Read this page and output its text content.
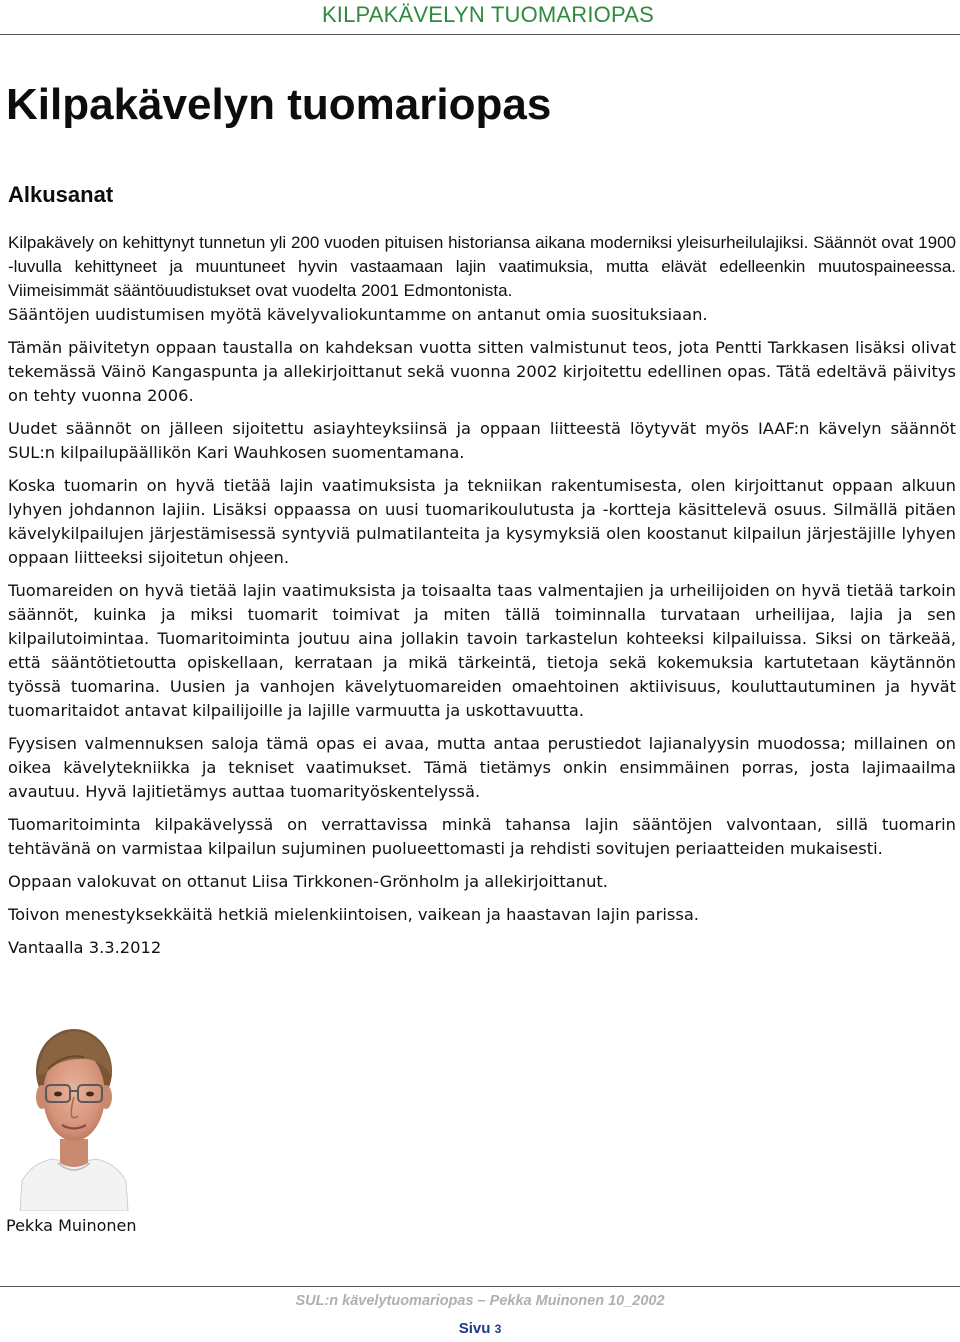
KILPAKÄVELYN TUOMARIOPAS
Kilpakävelyn tuomariopas
Alkusanat

Kilpakävely on kehittynyt tunnetun yli 200 vuoden pituisen historiansa aikana moderniksi yleisurheilulajiksi. Säännöt ovat 1900 -luvulla kehittyneet ja muuntuneet hyvin vastaamaan lajin vaatimuksia, mutta elävät edelleenkin muutospaineessa. Viimeisimmät sääntöuudistukset ovat vuodelta 2001 Edmontonista.

Sääntöjen uudistumisen myötä kävelyvaliokuntamme on antanut omia suosituksiaan.

Tämän päivitetyn oppaan taustalla on kahdeksan vuotta sitten valmistunut teos, jota Pentti Tarkkasen lisäksi olivat tekemässä Väinö Kangaspunta ja allekirjoittanut sekä vuonna 2002 kirjoitettu edellinen opas. Tätä edeltävä päivitys on tehty vuonna 2006.

Uudet säännöt on jälleen sijoitettu asiayhteyksiinsä ja oppaan liitteestä löytyvät myös IAAF:n kävelyn säännöt SUL:n kilpailupäällikön Kari Wauhkosen suomentamana.

Koska tuomarin on hyvä tietää lajin vaatimuksista ja tekniikan rakentumisesta, olen kirjoittanut oppaan alkuun lyhyen johdannon lajiin. Lisäksi oppaassa on uusi tuomarikoulutusta ja -kortteja käsittelevä osuus. Silmällä pitäen kävelykilpailujen järjestämisessä syntyviä pulmatilanteita ja kysymyksiä olen koostanut kilpailun järjestäjille lyhyen oppaan liitteeksi sijoitetun ohjeen.

Tuomareiden on hyvä tietää lajin vaatimuksista ja toisaalta taas valmentajien ja urheilijoiden on hyvä tietää tarkoin säännöt, kuinka ja miksi tuomarit toimivat ja miten tällä toiminnalla turvataan urheilijaa, lajia ja sen kilpailutoimintaa. Tuomaritoiminta joutuu aina jollakin tavoin tarkastelun kohteeksi kilpailuissa. Siksi on tärkeää, että sääntötietoutta opiskellaan, kerrataan ja mikä tärkeintä, tietoja sekä kokemuksia kartutetaan käytännön työssä tuomarina. Uusien ja vanhojen kävelytuomareiden omaehtoinen aktiivisuus, kouluttautuminen ja hyvät tuomaritaidot antavat kilpailijoille ja lajille varmuutta ja uskottavuutta.

Fyysisen valmennuksen saloja tämä opas ei avaa, mutta antaa perustiedot lajianalyysin muodossa; millainen on oikea kävelytekniikka ja tekniset vaatimukset. Tämä tietämys onkin ensimmäinen porras, josta lajimaailma avautuu. Hyvä lajitietämys auttaa tuomarityöskentelyssä.

Tuomaritoiminta kilpakävelyssä on verrattavissa minkä tahansa lajin sääntöjen valvontaan, sillä tuomarin tehtävänä on varmistaa kilpailun sujuminen puolueettomasti ja rehdisti sovitujen periaatteiden mukaisesti.

Oppaan valokuvat on ottanut Liisa Tirkkonen-Grönholm ja allekirjoittanut.

Toivon menestyksekkäitä hetkiä mielenkiintoisen, vaikean ja haastavan lajin parissa.

Vantaalla 3.3.2012

Pekka Muinonen
SUL:n kävelytuomariopas – Pekka Muinonen 10_2002
Sivu 3
